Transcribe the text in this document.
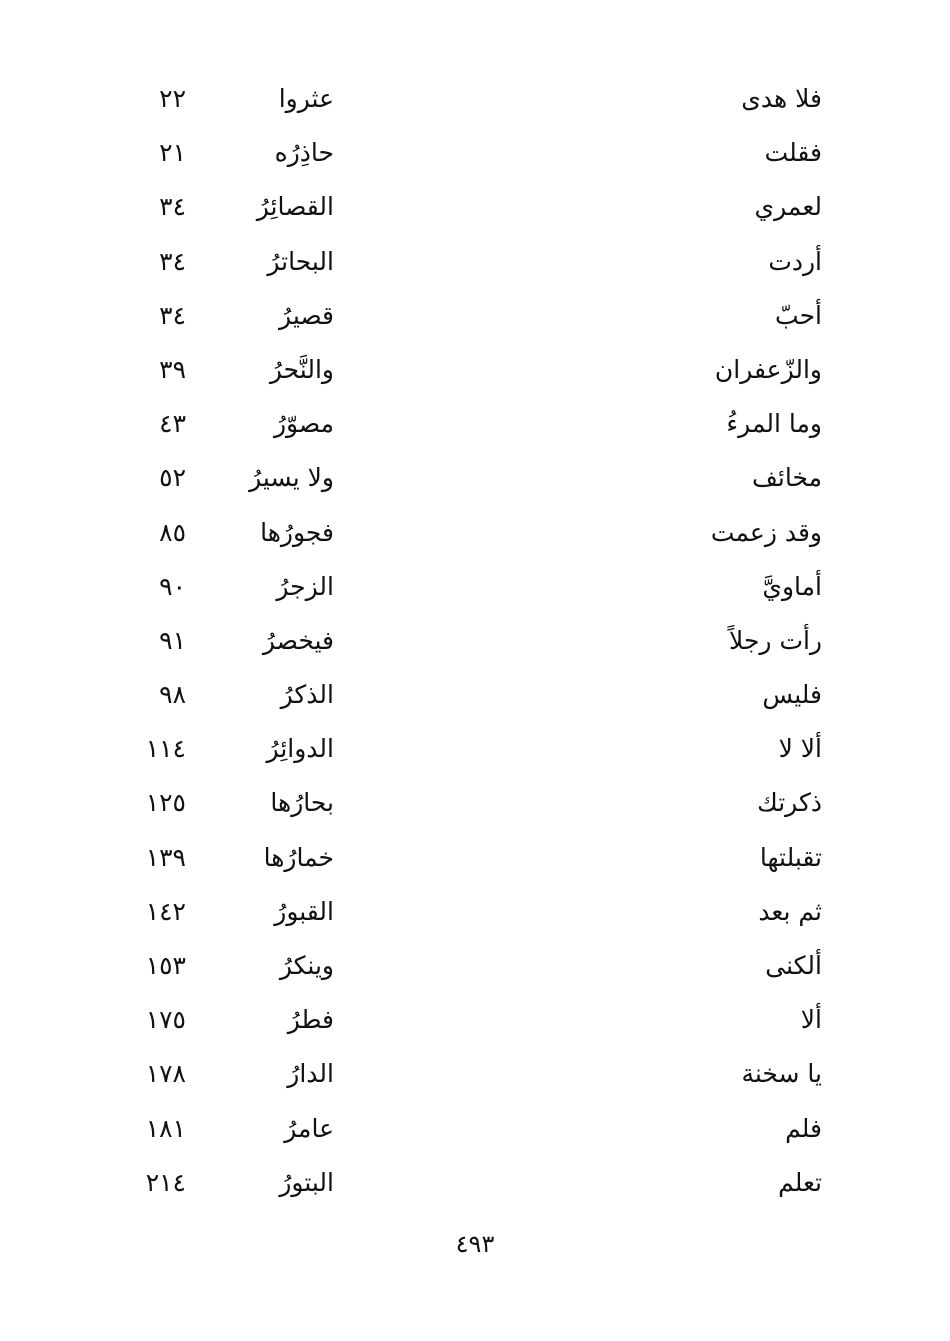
فلا هدى
عثروا
٢٢
فقلت
حاذِرُه
٢١
لعمري
القصائِرُ
٣٤
أردت
البحاترُ
٣٤
أحبّ
قصيرُ
٣٤
والزّعفران
والنَّحرُ
٣٩
وما المرءُ
مصوّرُ
٤٣
مخائف
ولا يسيرُ
٥٢
وقد زعمت
فجورُها
٨٥
أماويَّ
الزجرُ
٩٠
رأت رجلاً
فيخصرُ
٩١
فليس
الذكرُ
٩٨
ألا لا
الدوائِرُ
١١٤
ذكرتك
بحارُها
١٢٥
تقبلتها
خمارُها
١٣٩
ثم بعد
القبورُ
١٤٢
ألكنى
وينكرُ
١٥٣
ألا
فطرُ
١٧٥
يا سخنة
الدارُ
١٧٨
فلم
عامرُ
١٨١
تعلم
البتورُ
٢١٤
٤٩٣
